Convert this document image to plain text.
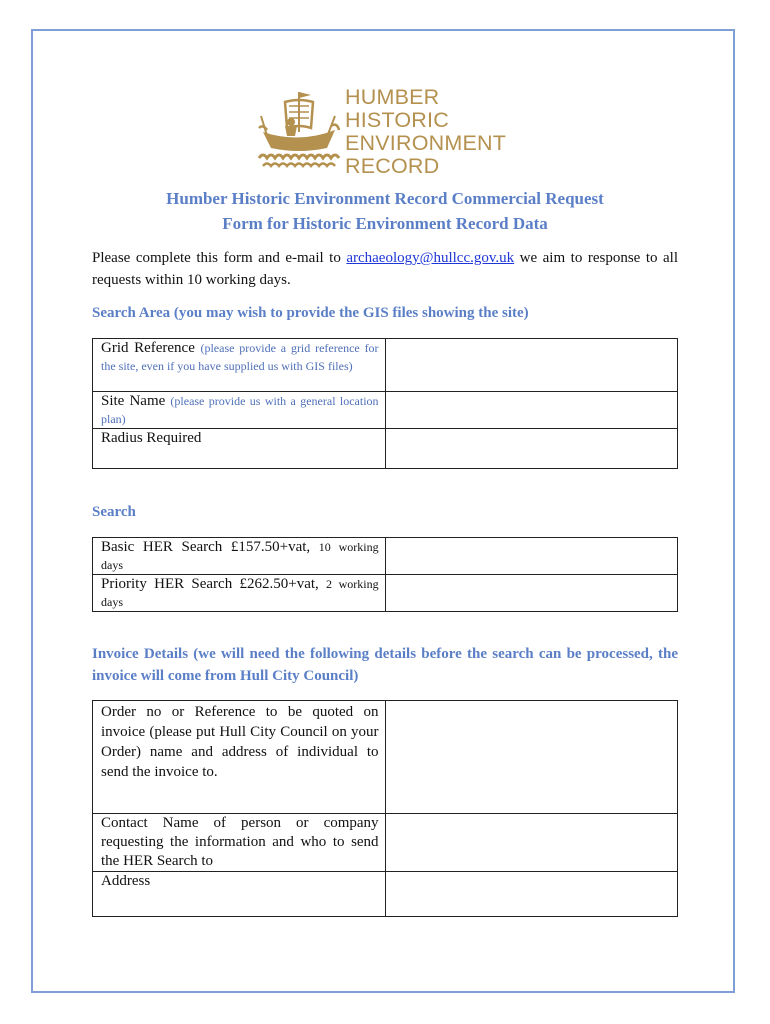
HUMBER
HISTORIC
ENVIRONMENT
RECORD
Humber Historic Environment Record Commercial Request
Form for Historic Environment Record Data
Please complete this form and e-mail to archaeology@hullcc.gov.uk we aim to response to all requests within 10 working days.
Search Area (you may wish to provide the GIS files showing the site)
Grid Reference (please provide a grid reference for the site, even if you have supplied us with GIS files)	

Site Name (please provide us with a general location plan)	

Radius Required	
Search
Basic HER Search £157.50+vat, 10 working days	

Priority HER Search £262.50+vat, 2 working days	

Invoice Details (we will need the following details before the search can be processed, the invoice will come from Hull City Council)
Order no or Reference to be quoted on invoice (please put Hull City Council on your Order) name and address of individual to send the invoice to.	

Contact Name of person or company requesting the information and who to send the HER Search to	

Address	
